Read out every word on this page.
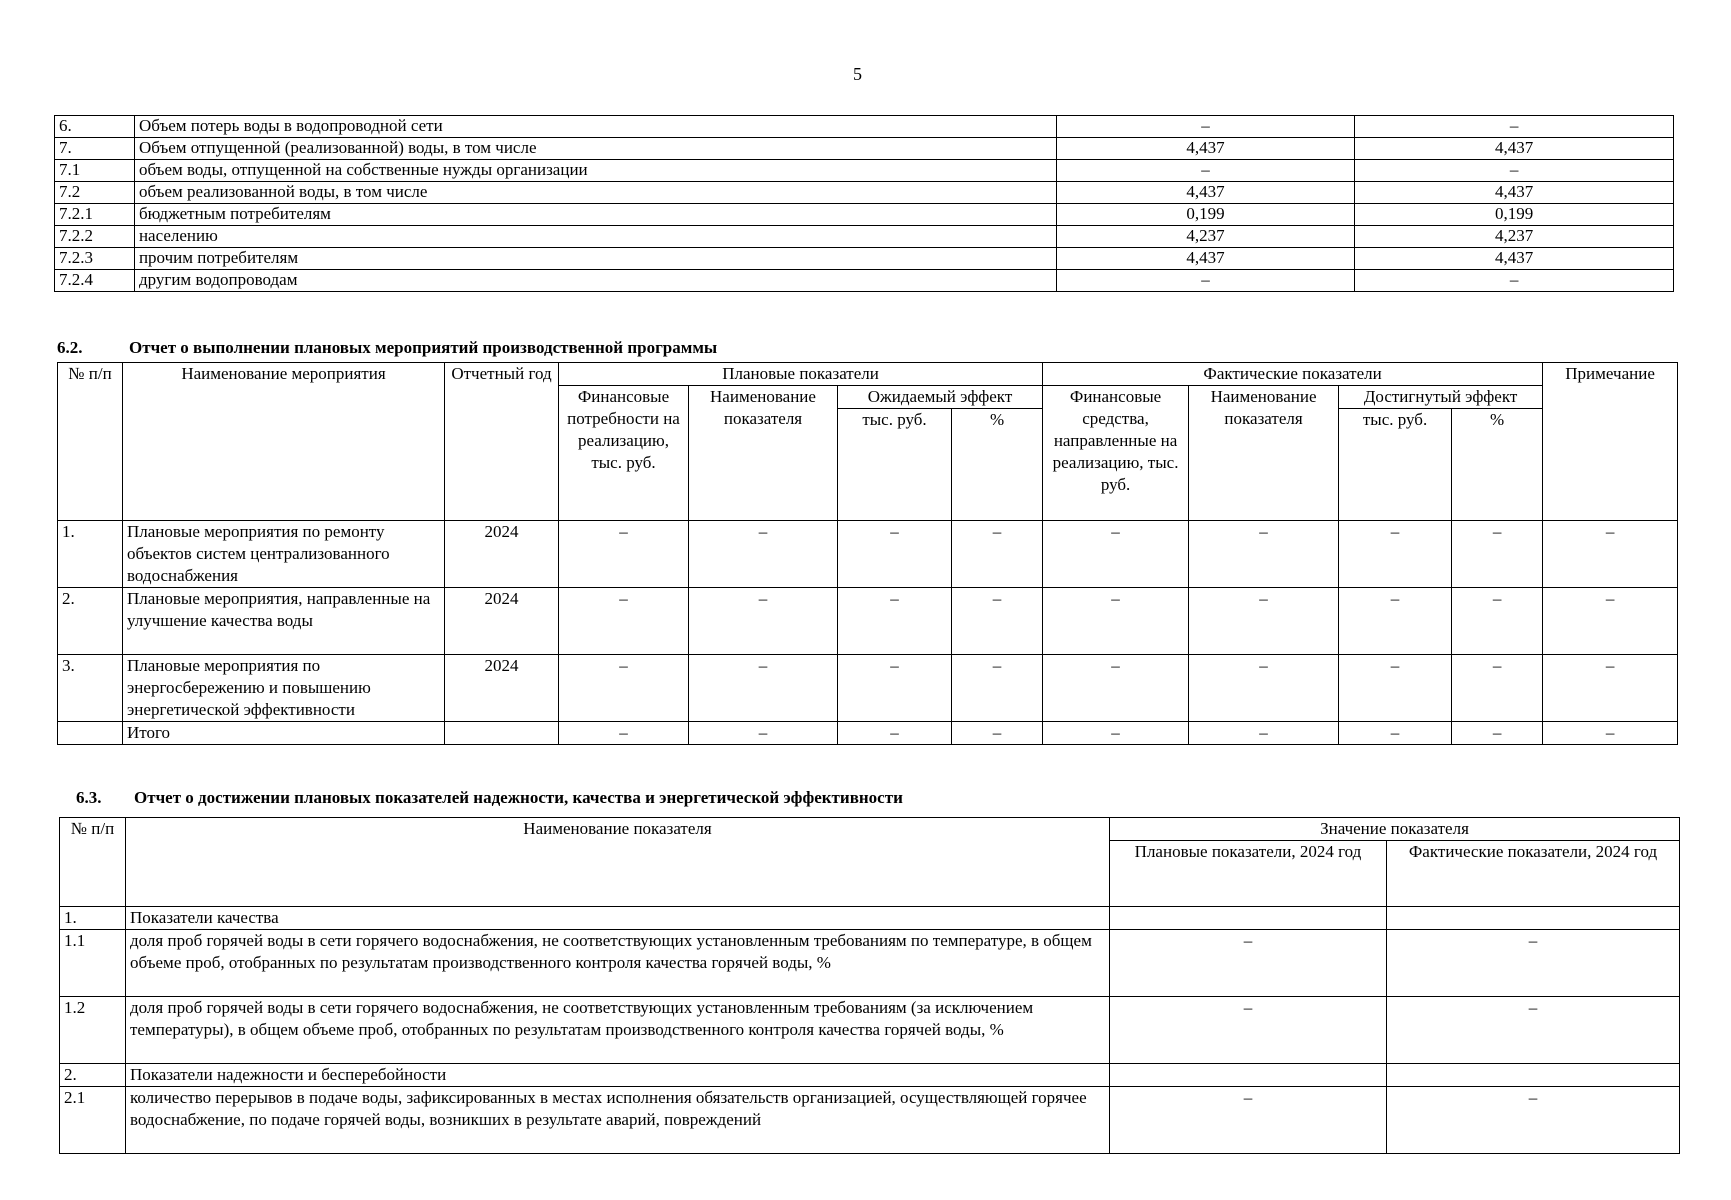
5
6.	Объем потерь воды в водопроводной сети	–	–
7.	Объем отпущенной (реализованной) воды, в том числе	4,437	4,437
7.1	объем воды, отпущенной на собственные нужды организации	–	–
7.2	объем реализованной воды, в том числе	4,437	4,437
7.2.1	бюджетным потребителям	0,199	0,199
7.2.2	населению	4,237	4,237
7.2.3	прочим потребителям	4,437	4,437
7.2.4	другим водопроводам	–	–
6.2.	Отчет о выполнении плановых мероприятий производственной программы
№ п/п	Наименование мероприятия	Отчетный год	Плановые показатели				Фактические показатели				Примечание
			Финансовые потребности на реализацию, тыс. руб.	Наименование показателя	Ожидаемый эффект		Финансовые средства, направленные на реализацию, тыс. руб.	Наименование показателя	Достигнутый эффект		
					тыс. руб.	%			тыс. руб.	%	
1.	Плановые мероприятия по ремонту объектов систем централизованного водоснабжения	2024	–	–	–	–	–	–	–	–	–
2.	Плановые мероприятия, направленные на улучшение качества воды	2024	–	–	–	–	–	–	–	–	–
3.	Плановые мероприятия по энергосбережению и повышению энергетической эффективности	2024	–	–	–	–	–	–	–	–	–
	Итого		–	–	–	–	–	–	–	–	–
6.3. Отчет о достижении плановых показателей надежности, качества и энергетической эффективности
№ п/п	Наименование показателя	Значение показателя	
		Плановые показатели, 2024 год	Фактические показатели, 2024 год
1.	Показатели качества		
1.1	доля проб горячей воды в сети горячего водоснабжения, не соответствующих установленным требованиям по температуре, в общем объеме проб, отобранных по результатам производственного контроля качества горячей воды, %	–	–
1.2	доля проб горячей воды в сети горячего водоснабжения, не соответствующих установленным требованиям (за исключением температуры), в общем объеме проб, отобранных по результатам производственного контроля качества горячей воды, %	–	–
2.	Показатели надежности и бесперебойности		
2.1	количество перерывов в подаче воды, зафиксированных в местах исполнения обязательств организацией, осуществляющей горячее водоснабжение, по подаче горячей воды, возникших в результате аварий, повреждений	–	–
